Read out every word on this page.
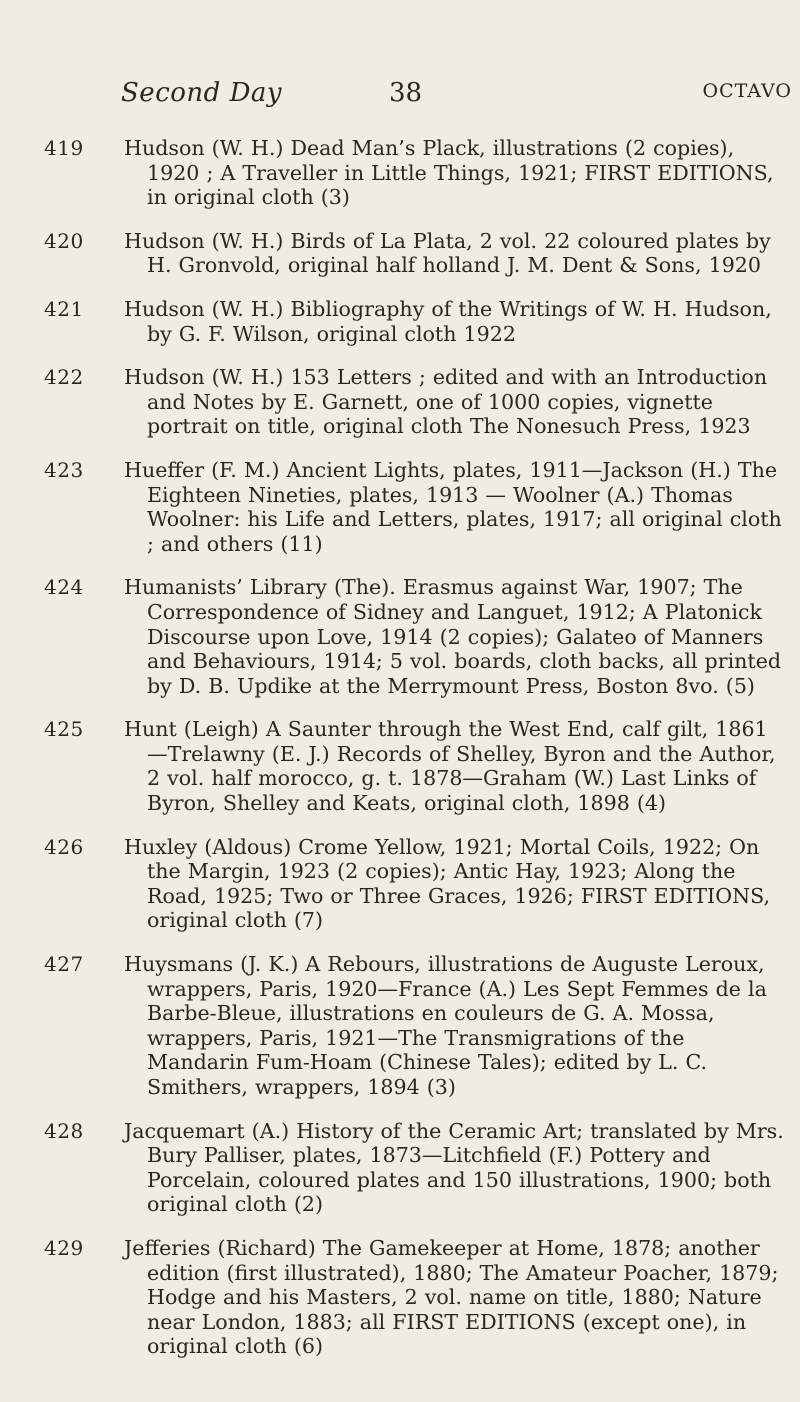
Second Day	38	OCTAVO
419	Hudson (W. H.) Dead Man’s Plack, illustrations (2 copies), 1920 ; A Traveller in Little Things, 1921; FIRST EDITIONS, in original cloth (3)
420	Hudson (W. H.) Birds of La Plata, 2 vol. 22 coloured plates by H. Gronvold, original half holland J. M. Dent & Sons, 1920
421	Hudson (W. H.) Bibliography of the Writings of W. H. Hudson, by G. F. Wilson, original cloth 1922
422	Hudson (W. H.) 153 Letters ; edited and with an Introduction and Notes by E. Garnett, one of 1000 copies, vignette portrait on title, original cloth The Nonesuch Press, 1923
423	Hueffer (F. M.) Ancient Lights, plates, 1911—Jackson (H.) The Eighteen Nineties, plates, 1913 — Woolner (A.) Thomas Woolner: his Life and Letters, plates, 1917; all original cloth ; and others (11)
424	Humanists’ Library (The). Erasmus against War, 1907; The Correspondence of Sidney and Languet, 1912; A Platonick Discourse upon Love, 1914 (2 copies); Galateo of Manners and Behaviours, 1914; 5 vol. boards, cloth backs, all printed by D. B. Updike at the Merrymount Press, Boston 8vo. (5)
425	Hunt (Leigh) A Saunter through the West End, calf gilt, 1861 —Trelawny (E. J.) Records of Shelley, Byron and the Author, 2 vol. half morocco, g. t. 1878—Graham (W.) Last Links of Byron, Shelley and Keats, original cloth, 1898 (4)
426	Huxley (Aldous) Crome Yellow, 1921; Mortal Coils, 1922; On the Margin, 1923 (2 copies); Antic Hay, 1923; Along the Road, 1925; Two or Three Graces, 1926; FIRST EDITIONS, original cloth (7)
427	Huysmans (J. K.) A Rebours, illustrations de Auguste Leroux, wrappers, Paris, 1920—France (A.) Les Sept Femmes de la Barbe-Bleue, illustrations en couleurs de G. A. Mossa, wrappers, Paris, 1921—The Transmigrations of the Mandarin Fum-Hoam (Chinese Tales); edited by L. C. Smithers, wrappers, 1894 (3)
428	Jacquemart (A.) History of the Ceramic Art; translated by Mrs. Bury Palliser, plates, 1873—Litchfield (F.) Pottery and Porcelain, coloured plates and 150 illustrations, 1900; both original cloth (2)
429	Jefferies (Richard) The Gamekeeper at Home, 1878; another edition (first illustrated), 1880; The Amateur Poacher, 1879; Hodge and his Masters, 2 vol. name on title, 1880; Nature near London, 1883; all FIRST EDITIONS (except one), in original cloth (6)
